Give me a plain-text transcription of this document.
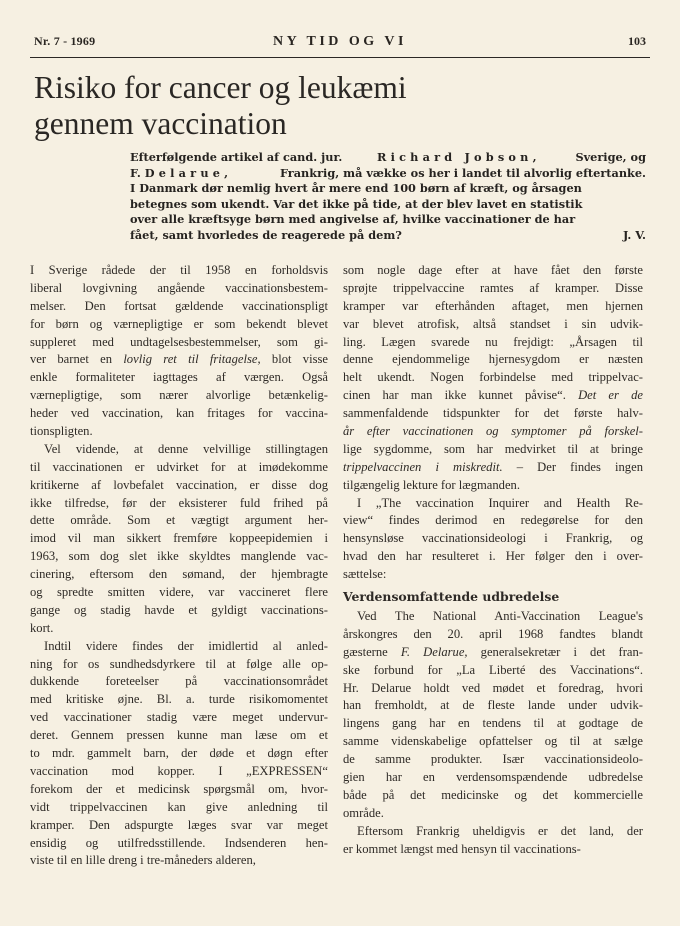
Nr. 7 - 1969	NY TID OG VI	103
Risiko for cancer og leukæmi
gennem vaccination
Efterfølgende artikel af cand. jur.	Richard Jobson,	Sverige, og
F. Delarue,	Frankrig, må vække os her i landet til alvorlig eftertanke.
I Danmark dør nemlig hvert år mere end 100 børn af kræft, og årsagen
betegnes som ukendt. Var det ikke på tide, at der blev lavet en statistik
over alle kræftsyge børn med angivelse af, hvilke vaccinationer de har
fået, samt hvorledes de reagerede på dem?	J. V.
I Sverige rådede der til 1958 en forholdsvis
liberal lovgivning angående vaccinationsbestem-
melser. Den fortsat gældende vaccinationspligt
for børn og værnepligtige er som bekendt blevet
suppleret med undtagelsesbestemmelser, som gi-
ver barnet en lovlig ret til fritagelse, blot visse
enkle formaliteter iagttages af værgen. Også
værnepligtige, som nærer alvorlige betænkelig-
heder ved vaccination, kan fritages for vaccina-
tionspligten.
Vel vidende, at denne velvillige stillingtagen
til vaccinationen er udvirket for at imødekomme
kritikerne af lovbefalet vaccination, er disse dog
ikke tilfredse, før der eksisterer fuld frihed på
dette område. Som et vægtigt argument her-
imod vil man sikkert fremføre koppeepidemien i
1963, som dog slet ikke skyldtes manglende vac-
cinering, eftersom den sømand, der hjembragte
og spredte smitten videre, var vaccineret flere
gange og stadig havde et gyldigt vaccinations-
kort.
Indtil videre findes der imidlertid al anled-
ning for os sundhedsdyrkere til at følge alle op-
dukkende foreteelser på vaccinationsområdet
med kritiske øjne. Bl. a. turde risikomomentet
ved vaccinationer stadig være meget undervur-
deret. Gennem pressen kunne man læse om et
to mdr. gammelt barn, der døde et døgn efter
vaccination mod kopper. I „EXPRESSEN“
forekom der et medicinsk spørgsmål om, hvor-
vidt trippelvaccinen kan give anledning til
kramper. Den adspurgte læges svar var meget
ensidig og utilfredsstillende. Indsenderen hen-
viste til en lille dreng i tre-måneders alderen,
som nogle dage efter at have fået den første
sprøjte trippelvaccine ramtes af kramper. Disse
kramper var efterhånden aftaget, men hjernen
var blevet atrofisk, altså standset i sin udvik-
ling. Lægen svarede nu frejdigt: „Årsagen til
denne ejendommelige hjernesygdom er næsten
helt ukendt. Nogen forbindelse med trippelvac-
cinen har man ikke kunnet påvise“. Det er de
sammenfaldende tidspunkter for det første halv-
år efter vaccinationen og symptomer på forskel-
lige sygdomme, som har medvirket til at bringe
trippelvaccinen i miskredit. – Der findes ingen
tilgængelig lekture for lægmanden.
I „The vaccination Inquirer and Health Re-
view“ findes derimod en redegørelse for den
hensynsløse vaccinationsideologi i Frankrig, og
hvad den har resulteret i. Her følger den i over-
sættelse:
Verdensomfattende udbredelse
Ved The National Anti-Vaccination League's
årskongres den 20. april 1968 fandtes blandt
gæsterne F. Delarue, generalsekretær i det fran-
ske forbund for „La Liberté des Vaccinations“.
Hr. Delarue holdt ved mødet et foredrag, hvori
han fremholdt, at de fleste lande under udvik-
lingens gang har en tendens til at godtage de
samme videnskabelige opfattelser og til at sælge
de samme produkter. Især vaccinationsideolo-
gien har en verdensomspændende udbredelse
både på det medicinske og det kommercielle
område.
Eftersom Frankrig uheldigvis er det land, der
er kommet længst med hensyn til vaccinations-
